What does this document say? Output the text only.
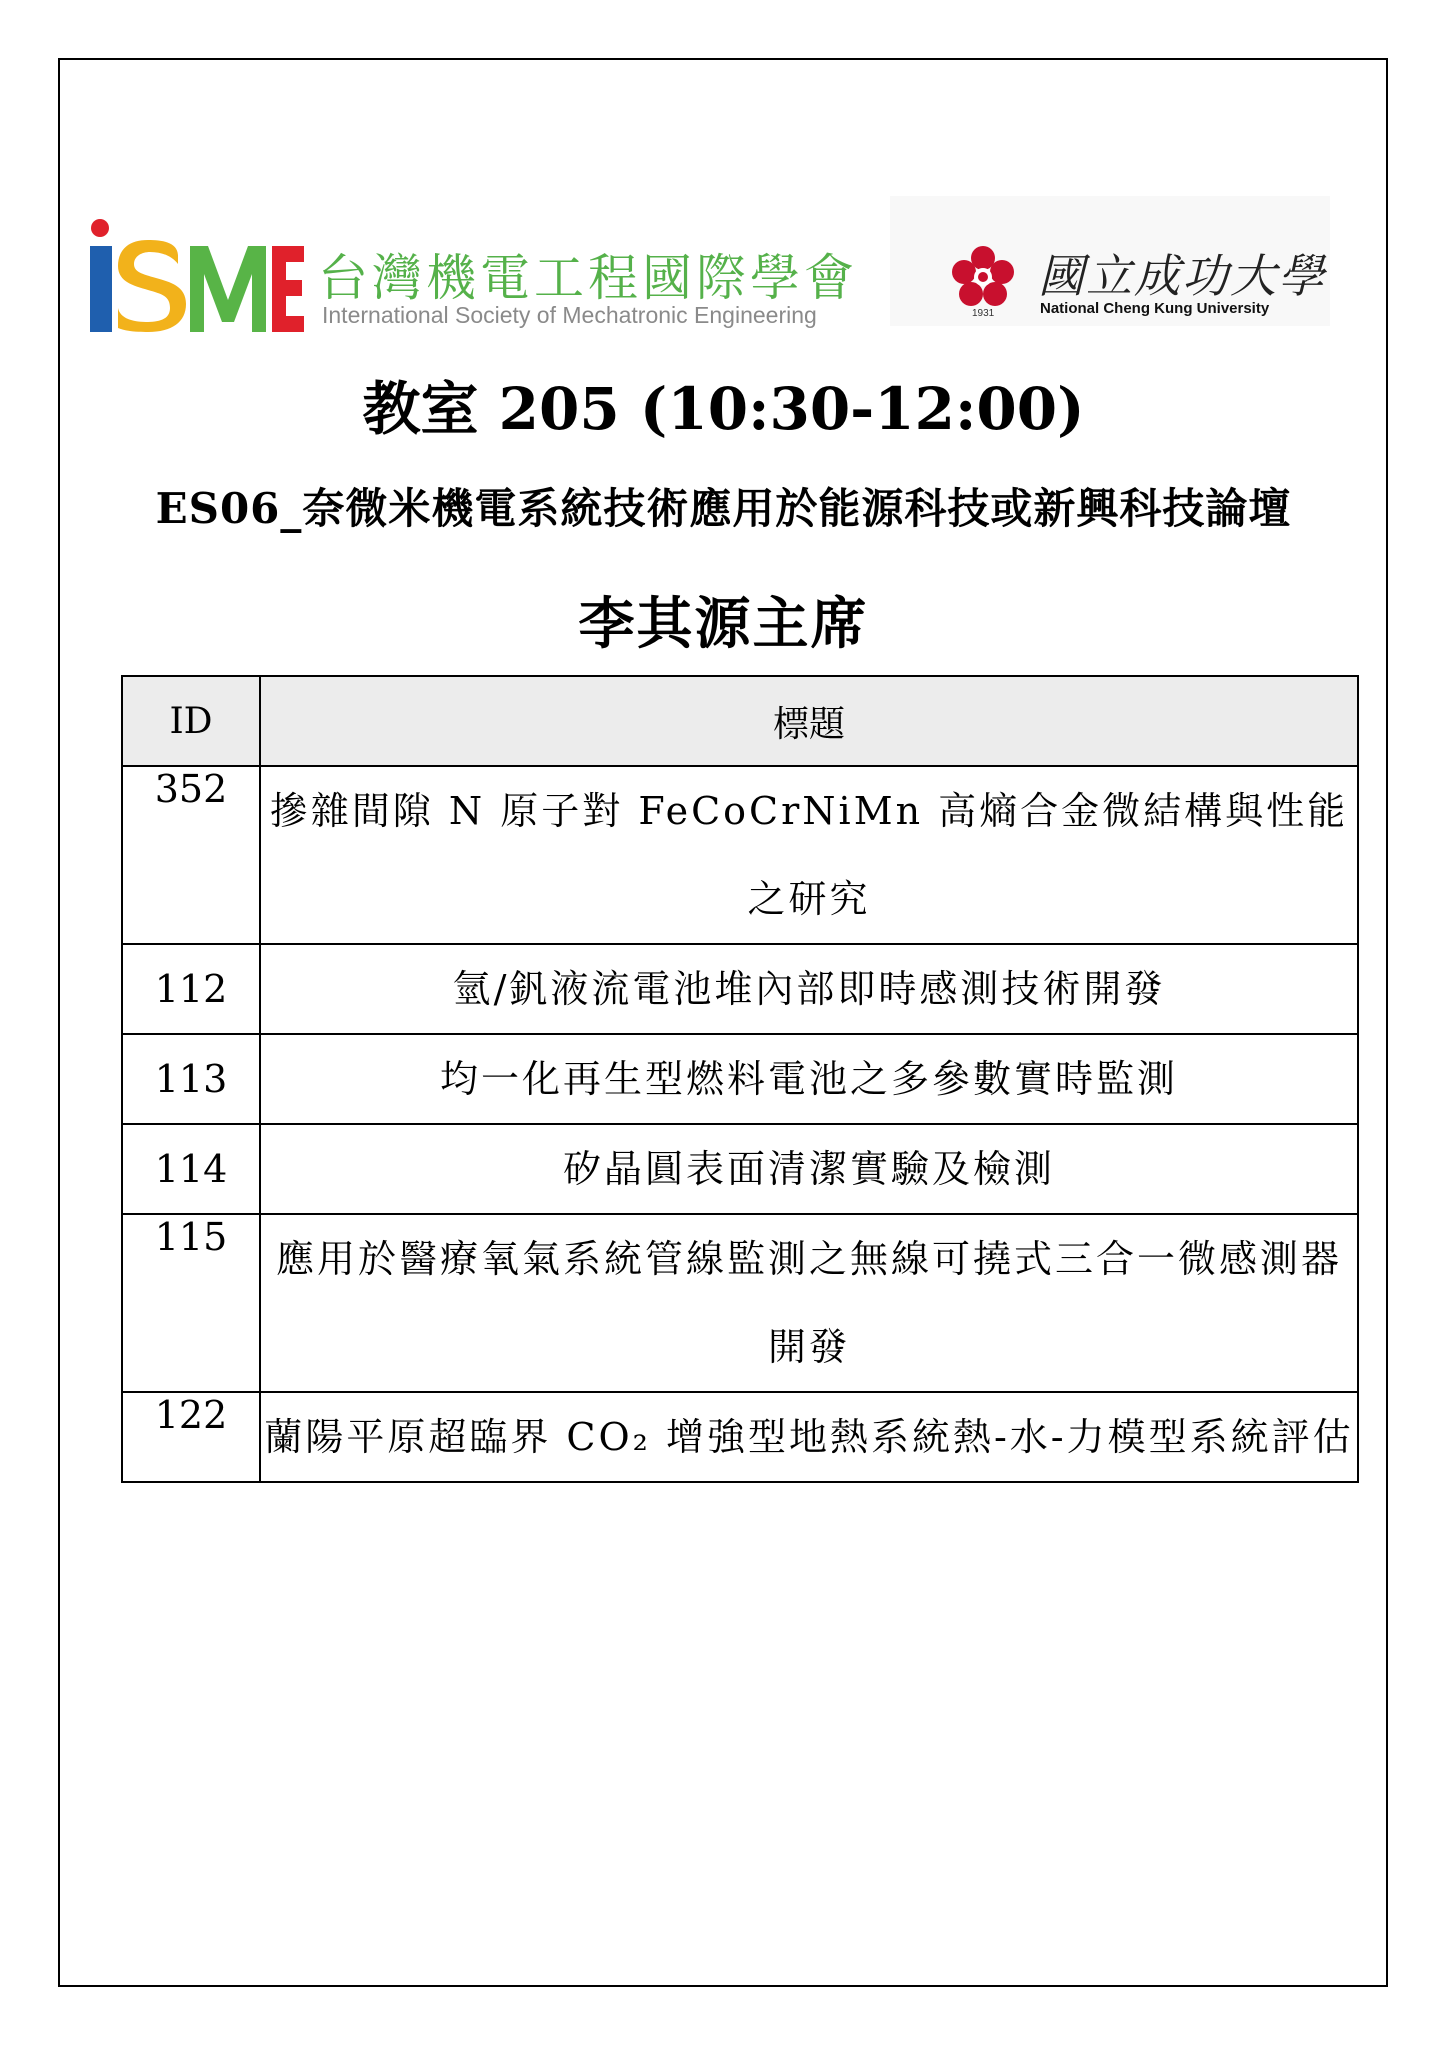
台灣機電工程國際學會
International Society of Mechatronic Engineering	1931
國立成功大學
National Cheng Kung University
教室 205 (10:30-12:00)
ES06_奈微米機電系統技術應用於能源科技或新興科技論壇
李其源主席
ID	標題
352	摻雜間隙 N 原子對 FeCoCrNiMn 高熵合金微結構與性能之研究
112	氫/釩液流電池堆內部即時感測技術開發
113	均一化再生型燃料電池之多參數實時監測
114	矽晶圓表面清潔實驗及檢測
115	應用於醫療氧氣系統管線監測之無線可撓式三合一微感測器開發
122	蘭陽平原超臨界 CO₂ 增強型地熱系統熱-水-力模型系統評估
